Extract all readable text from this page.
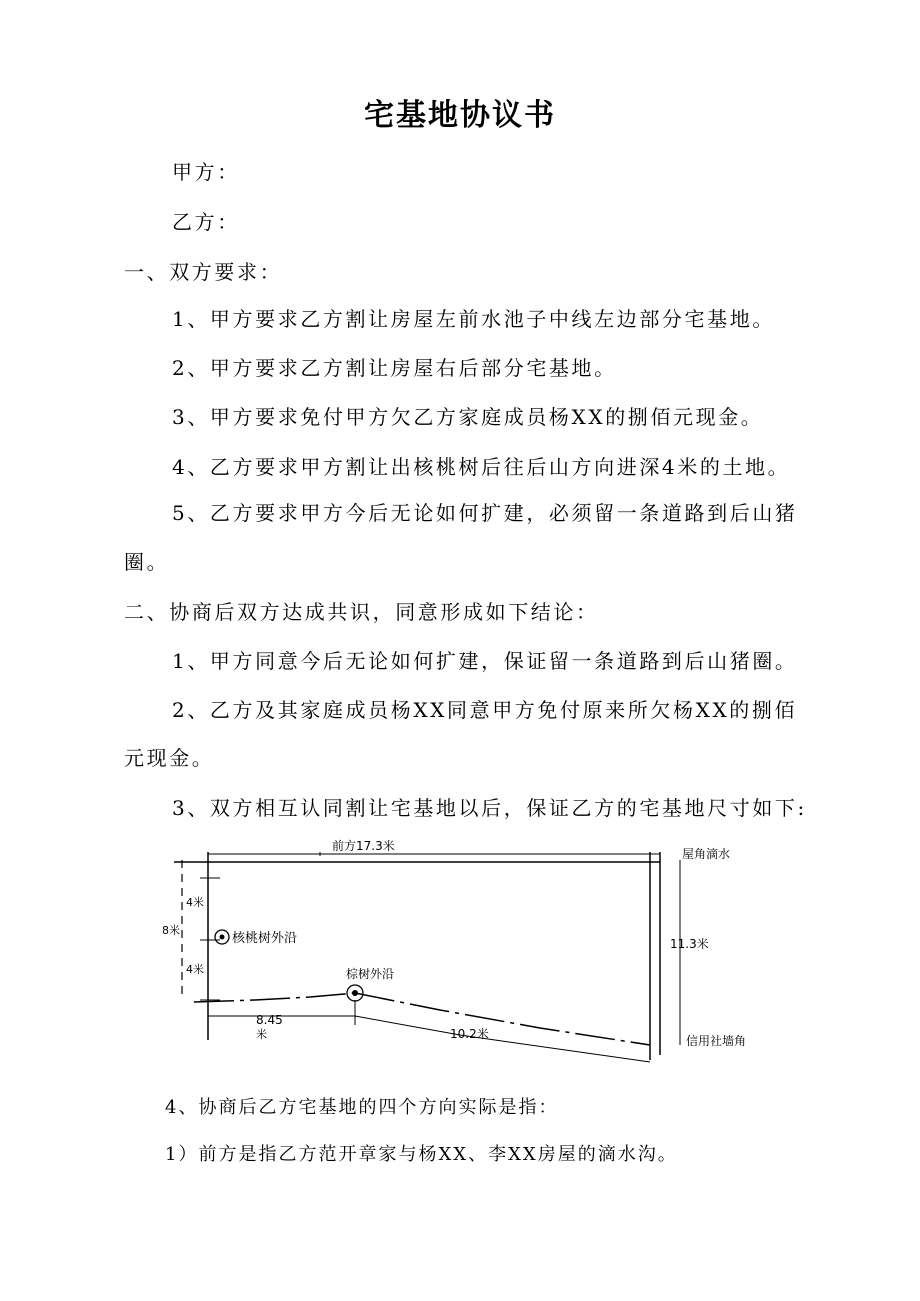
宅基地协议书
甲方：
乙方：
一、双方要求：
1、甲方要求乙方割让房屋左前水池子中线左边部分宅基地。
2、甲方要求乙方割让房屋右后部分宅基地。
3、甲方要求免付甲方欠乙方家庭成员杨XX的捌佰元现金。
4、乙方要求甲方割让出核桃树后往后山方向进深4米的土地。
5、乙方要求甲方今后无论如何扩建，必须留一条道路到后山猪
圈。
二、协商后双方达成共识，同意形成如下结论：
1、甲方同意今后无论如何扩建，保证留一条道路到后山猪圈。
2、乙方及其家庭成员杨XX同意甲方免付原来所欠杨XX的捌佰
元现金。
3、双方相互认同割让宅基地以后，保证乙方的宅基地尺寸如下:
前方17.3米
屋角滴水
4米
8米
4米
核桃树外沿	11.3米
棕树外沿
8.45
米	10.2米	信用社墙角
4、协商后乙方宅基地的四个方向实际是指：
1）前方是指乙方范开章家与杨XX、李XX房屋的滴水沟。
